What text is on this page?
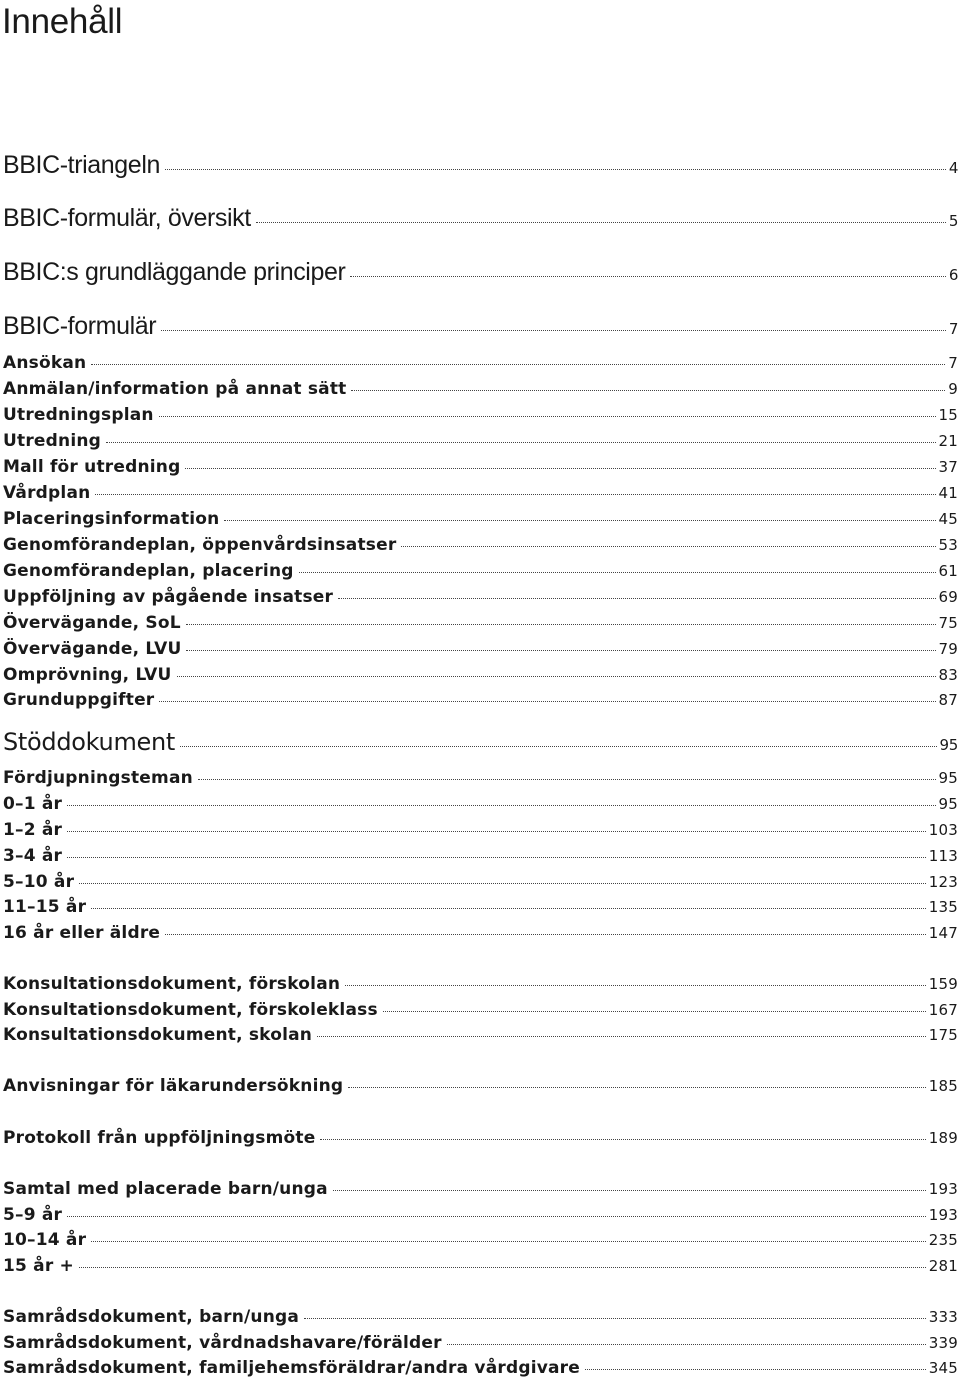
Innehåll
BBIC-triangeln	4
BBIC-formulär, översikt	5
BBIC:s grundläggande principer	6
BBIC-formulär	7
Ansökan	7
Anmälan/information på annat sätt	9
Utredningsplan	15
Utredning	21
Mall för utredning	37
Vårdplan	41
Placeringsinformation	45
Genomförandeplan, öppenvårdsinsatser	53
Genomförandeplan, placering	61
Uppföljning av pågående insatser	69
Övervägande, SoL	75
Övervägande, LVU	79
Omprövning, LVU	83
Grunduppgifter	87
Stöddokument	95
Fördjupningsteman	95
0–1 år	95
1–2 år	103
3–4 år	113
5–10 år	123
11–15 år	135
16 år eller äldre	147
Konsultationsdokument, förskolan	159
Konsultationsdokument, förskoleklass	167
Konsultationsdokument, skolan	175
Anvisningar för läkarundersökning	185
Protokoll från uppföljningsmöte	189
Samtal med placerade barn/unga	193
5–9 år	193
10–14 år	235
15 år +	281
Samrådsdokument, barn/unga	333
Samrådsdokument, vårdnadshavare/förälder	339
Samrådsdokument, familjehemsföräldrar/andra vårdgivare	345
